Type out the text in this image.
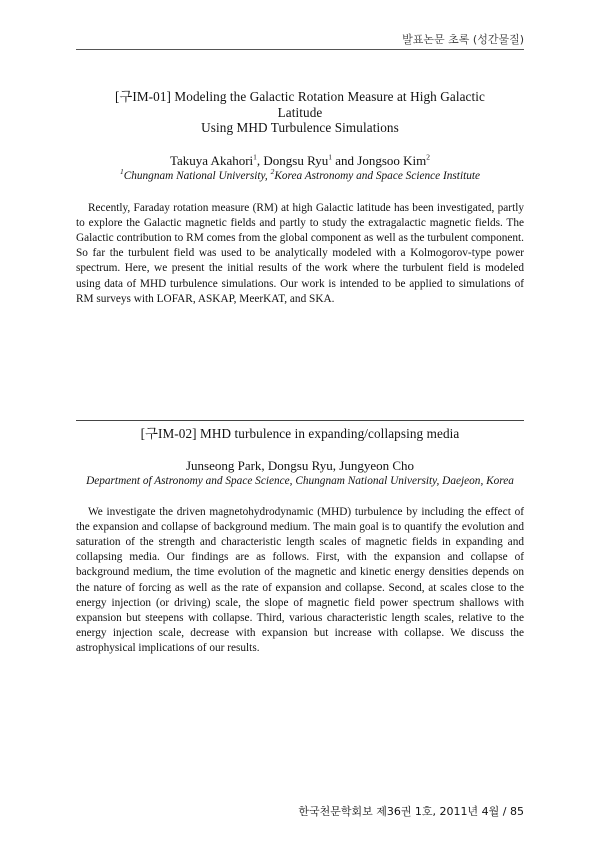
발표논문 초록 (성간물질)
[구IM-01] Modeling the Galactic Rotation Measure at High Galactic
Latitude
Using MHD Turbulence Simulations
Takuya Akahori$^1$, Dongsu Ryu$^1$ and Jongsoo Kim$^2$
$^1$Chungnam National University, $^2$Korea Astronomy and Space Science Institute
Recently, Faraday rotation measure (RM) at high Galactic latitude has been investigated, partly to explore the Galactic magnetic fields and partly to study the extragalactic magnetic fields. The Galactic contribution to RM comes from the global component as well as the turbulent component. So far the turbulent field was used to be analytically modeled with a Kolmogorov-type power spectrum. Here, we present the initial results of the work where the turbulent field is modeled using data of MHD turbulence simulations. Our work is intended to be applied to simulations of RM surveys with LOFAR, ASKAP, MeerKAT, and SKA.
[구IM-02] MHD turbulence in expanding/collapsing media
Junseong Park, Dongsu Ryu, Jungyeon Cho
Department of Astronomy and Space Science, Chungnam National University, Daejeon, Korea
We investigate the driven magnetohydrodynamic (MHD) turbulence by including the effect of the expansion and collapse of background medium. The main goal is to quantify the evolution and saturation of the strength and characteristic length scales of magnetic fields in expanding and collapsing media. Our findings are as follows. First, with the expansion and collapse of background medium, the time evolution of the magnetic and kinetic energy densities depends on the nature of forcing as well as the rate of expansion and collapse. Second, at scales close to the energy injection (or driving) scale, the slope of magnetic field power spectrum shallows with expansion but steepens with collapse. Third, various characteristic length scales, relative to the energy injection scale, decrease with expansion but increase with collapse. We discuss the astrophysical implications of our results.
한국천문학회보 제36권 1호, 2011년 4월 / 85
